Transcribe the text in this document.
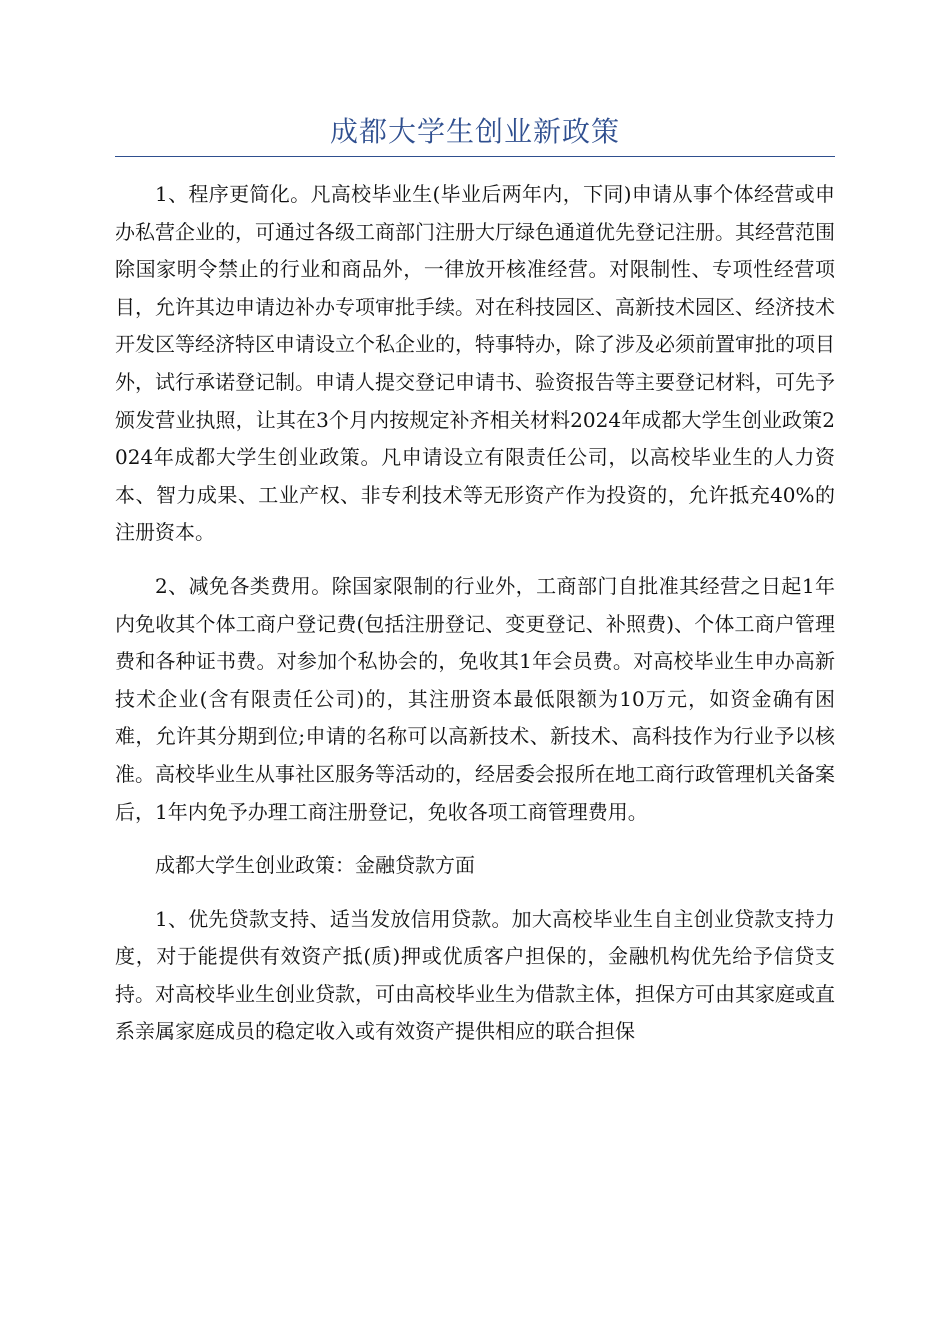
成都大学生创业新政策

1、程序更简化。凡高校毕业生(毕业后两年内，下同)申请从事个体经营或申办私营企业的，可通过各级工商部门注册大厅绿色通道优先登记注册。其经营范围除国家明令禁止的行业和商品外，一律放开核准经营。对限制性、专项性经营项目，允许其边申请边补办专项审批手续。对在科技园区、高新技术园区、经济技术开发区等经济特区申请设立个私企业的，特事特办，除了涉及必须前置审批的项目外，试行承诺登记制。申请人提交登记申请书、验资报告等主要登记材料，可先予颁发营业执照，让其在3个月内按规定补齐相关材料2024年成都大学生创业政策2024年成都大学生创业政策。凡申请设立有限责任公司，以高校毕业生的人力资本、智力成果、工业产权、非专利技术等无形资产作为投资的，允许抵充40%的注册资本。

2、减免各类费用。除国家限制的行业外，工商部门自批准其经营之日起1年内免收其个体工商户登记费(包括注册登记、变更登记、补照费)、个体工商户管理费和各种证书费。对参加个私协会的，免收其1年会员费。对高校毕业生申办高新技术企业(含有限责任公司)的，其注册资本最低限额为10万元，如资金确有困难，允许其分期到位;申请的名称可以高新技术、新技术、高科技作为行业予以核准。高校毕业生从事社区服务等活动的，经居委会报所在地工商行政管理机关备案后，1年内免予办理工商注册登记，免收各项工商管理费用。

成都大学生创业政策：金融贷款方面

1、优先贷款支持、适当发放信用贷款。加大高校毕业生自主创业贷款支持力度，对于能提供有效资产抵(质)押或优质客户担保的，金融机构优先给予信贷支持。对高校毕业生创业贷款，可由高校毕业生为借款主体，担保方可由其家庭或直系亲属家庭成员的稳定收入或有效资产提供相应的联合担保
